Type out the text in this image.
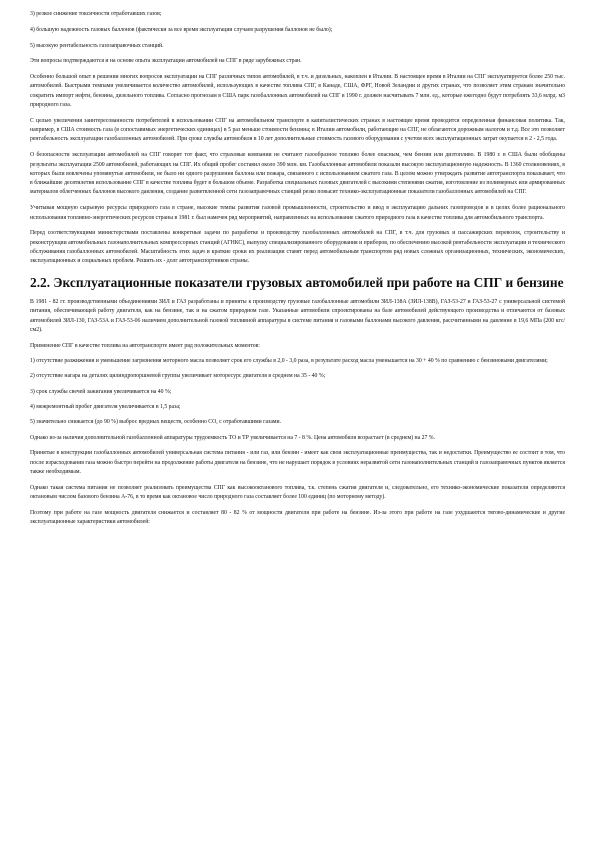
3) резкое снижение токсичности отработавших газов;

4) большую надежность газовых баллонов (фактически за все время эксплуатации случаев разрушения баллонов не было);

5) высокую рентабельность газозаправочных станций.

Эти вопросы подтверждаются и на основе опыта эксплуатации автомобилей на СПГ в ряде зарубежных стран.

Особенно большой опыт в решении многих вопросов эксплуатации на СПГ различных типов автомобилей, в т.ч. и дизельных, накоплен в Италии. В настоящее время в Италии на СПГ эксплуатируется более 250 тыс. автомобилей. Быстрыми темпами увеличивается количество автомобилей, использующих в качестве топлива СПГ, в Канаде, США, ФРГ, Новой Зеландии и других странах, что позволяет этим странам значительно сократить импорт нефти, бензина, дизельного топлива. Согласно прогнозам в США парк газобаллонных автомобилей на СПГ в 1990 г. должен насчитывать 7 млн. ед., которые ежегодно будут потреблять 33,6 млрд. м3 природного газа.

С целью увеличения заинтересованности потребителей в использовании СПГ на автомобильном транспорте в капиталистических странах в настоящее время проводится определенная финансовая политика. Так, например, в США стоимость газа (в сопоставимых энергетических единицах) в 5 раз меньше стоимости бензина; в Италии автомобили, работающие на СПГ, не облагаются дорожным налогом и т.д. Все это позволяет рентабельность эксплуатации газобаллонных автомобилей. При сроке службы автомобиля в 10 лет дополнительные стоимость газового оборудования с учетом всех эксплуатационных затрат окупается в 2 - 2,5 года.

О безопасности эксплуатации автомобилей на СПГ говорит тот факт, что страховые компании не считают газообразное топливо более опасным, чем бензин или дизтопливо. В 1980 г. в США были обобщены результаты эксплуатации 2500 автомобилей, работающих на СПГ. Их общий пробег составил около 390 млн. км. Газобаллонные автомобили показали высокую эксплуатационную надежность. В 1360 столкновениях, в которых были вовлечены упомянутые автомобили, не было ни одного разрушения баллона или пожара, связанного с использованием сжатого газа. В целом можно утверждать развитие автотранспорта показывает, что в ближайшие десятилетия использование СПГ в качестве топлива будет в большом объеме. Разработка специальных газовых двигателей с высокими степенями сжатия, изготовление из полимерных или армированных материалов облегченных баллонов высокого давления, создание разветвленной сети газозаправочных станций резко повысит технико-эксплуатационные показатели газобаллонных автомобилей на СПГ.

Учитывая мощную сырьевую ресурсы природного газа в стране, высокие темпы развития газовой промышленности, строительство и ввод в эксплуатацию дальних газопроводов и в целях более рационального использования топливно-энергетических ресурсов страны в 1981 г. был намечен ряд мероприятий, направленных на использование сжатого природного газа в качестве топлива для автомобильного транспорта.

Перед соответствующими министерствами поставлены конкретные задачи по разработке и производству газобаллонных автомобилей на СПГ, в т.ч. для грузовых и пассажирских перевозок, строительству и реконструкции автомобильных газонаполнительных компрессорных станций (АГНКС), выпуску специализированного оборудования и приборов, по обеспечению высокой рентабельности эксплуатации и технического обслуживания газобаллонных автомобилей. Масштабность этих задач и краткие сроки их реализации ставят перед автомобильным транспортом ряд новых сложных организационных, технических, экономических, эксплуатационных и социальных проблем. Решить их - долг автотранспортников страны.

2.2. Эксплуатационные показатели грузовых автомобилей при работе на СПГ и бензине

В 1981 - 82 гг. производственными объединениями ЗИЛ и ГАЗ разработаны и приняты к производству грузовые газобаллонные автомобили ЗИЛ-138А (ЗИЛ-138В), ГАЗ-53-27 и ГАЗ-53-27 с универсальной системой питания, обеспечивающей работу двигателя, как на бензине, так и на сжатом природном газе. Указанные автомобили спроектированы на базе автомобилей действующего производства и отличаются от базовых автомобилей ЗИЛ-130, ГАЗ-53А и ГАЗ-53-06 наличием дополнительной газовой топливной аппаратуры в системе питания и газовыми баллонами высокого давления, рассчитанными на давление в 19,6 МПа (200 кгс/см2).

Применение СПГ в качестве топлива на автотранспорте имеет ряд положительных моментов:

1) отсутствие разжижения и уменьшение загрязнения моторного масла позволяет срок его службы в 2,0 - 3,0 раза, в результате расход масла уменьшается на 30 + 40 % по сравнению с бензиновыми двигателями;

2) отсутствие нагара на деталях цилиндропоршневой группы увеличивает моторесурс двигателя в среднем на 35 - 40 %;

3) срок службы свечей зажигания увеличивается на 40 %;

4) межремонтный пробег двигателя увеличивается в 1,5 раза;

5) значительно снижается (до 90 %) выброс вредных веществ, особенно СО, с отработавшими газами.

Однако из-за наличия дополнительной газобаллонной аппаратуры трудоемкость ТО и ТР увеличивается на 7 - 8 %. Цена автомобиля возрастает (в среднем) на 27 %.

Принятые в конструкции газобаллонных автомобилей универсальная система питания - или газ, или бензин - имеет как свои эксплуатационные преимущества, так и недостатки. Преимущество ее состоит в том, что после израсходования газа можно быстро перейти на продолжение работы двигателя на бензине, что не нарушает порядок в условиях неразвитой сети газонаполнительных станций и газозаправочных пунктов является также необходимым.

Однако такая система питания не позволяет реализовать преимущества СПГ как высокооктанового топлива, т.к. степень сжатия двигателя и, следовательно, его технико-экономические показатели определяются октановым числом базового бензина А-76, в то время как октановое число природного газа составляет более 100 единиц (по моторному методу).

Поэтому при работе на газе мощность двигателя снижается и составляет 80 - 82 % от мощности двигателя при работе на бензине. Из-за этого при работе на газе ухудшаются тягово-динамические и другие эксплуатационные характеристики автомобилей:
